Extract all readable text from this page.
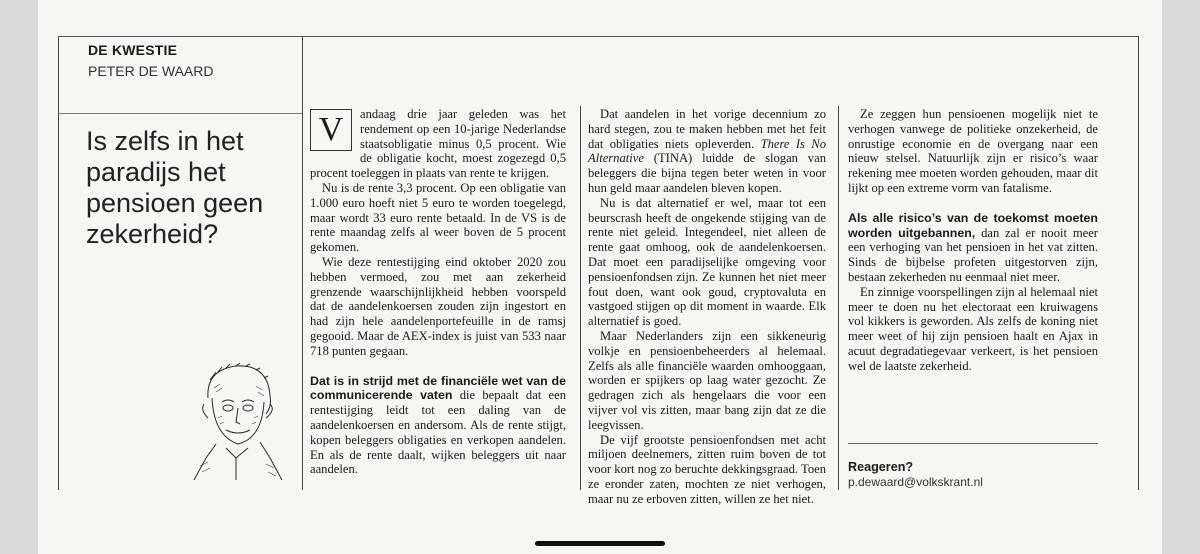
DE KWESTIE
PETER DE WAARD
Is zelfs in het paradijs het pensioen geen zekerheid?

V	andaag drie jaar geleden was het rendement op een 10-jarige Nederlandse staatsobligatie minus 0,5 procent. Wie de obligatie kocht, moest zogezegd 0,5 procent toeleggen in plaats van rente te krijgen.

Nu is de rente 3,3 procent. Op een obligatie van 1.000 euro hoeft niet 5 euro te worden toegelegd, maar wordt 33 euro rente betaald. In de VS is de rente maandag zelfs al weer boven de 5 procent gekomen.

Wie deze rentestijging eind oktober 2020 zou hebben vermoed, zou met aan zekerheid grenzende waarschijnlijkheid hebben voorspeld dat de aandelenkoersen zouden zijn ingestort en had zijn hele aandelenportefeuille in de ramsj gegooid. Maar de AEX-index is juist van 533 naar 718 punten gegaan.

Dat is in strijd met de financiële wet van de communicerende vaten die bepaalt dat een rentestijging leidt tot een daling van de aandelenkoersen en andersom. Als de rente stijgt, kopen beleggers obligaties en verkopen aandelen. En als de rente daalt, wijken beleggers uit naar aandelen.

Dat aandelen in het vorige decennium zo hard stegen, zou te maken hebben met het feit dat obligaties niets opleverden. There Is No Alternative (TINA) luidde de slogan van beleggers die bijna tegen beter weten in voor hun geld maar aandelen bleven kopen.

Nu is dat alternatief er wel, maar tot een beurscrash heeft de ongekende stijging van de rente niet geleid. Integendeel, niet alleen de rente gaat omhoog, ook de aandelenkoersen. Dat moet een paradijselijke omgeving voor pensioenfondsen zijn. Ze kunnen het niet meer fout doen, want ook goud, cryptovaluta en vastgoed stijgen op dit moment in waarde. Elk alternatief is goed.

Maar Nederlanders zijn een sikkeneurig volkje en pensioenbeheerders al helemaal. Zelfs als alle financiële waarden omhooggaan, worden er spijkers op laag water gezocht. Ze gedragen zich als hengelaars die voor een vijver vol vis zitten, maar bang zijn dat ze die leegvissen.

De vijf grootste pensioenfondsen met acht miljoen deelnemers, zitten ruim boven de tot voor kort nog zo beruchte dekkingsgraad. Toen ze eronder zaten, mochten ze niet verhogen, maar nu ze erboven zitten, willen ze het niet.

Ze zeggen hun pensioenen mogelijk niet te verhogen vanwege de politieke onzekerheid, de onrustige economie en de overgang naar een nieuw stelsel. Natuurlijk zijn er risico’s waar rekening mee moeten worden gehouden, maar dit lijkt op een extreme vorm van fatalisme.

Als alle risico’s van de toekomst moeten worden uitgebannen, dan zal er nooit meer een verhoging van het pensioen in het vat zitten. Sinds de bijbelse profeten uitgestorven zijn, bestaan zekerheden nu eenmaal niet meer.

En zinnige voorspellingen zijn al helemaal niet meer te doen nu het electoraat een kruiwagens vol kikkers is geworden. Als zelfs de koning niet meer weet of hij zijn pensioen haalt en Ajax in acuut degradatiegevaar verkeert, is het pensioen wel de laatste zekerheid.

Reageren?
p.dewaard@volkskrant.nl
